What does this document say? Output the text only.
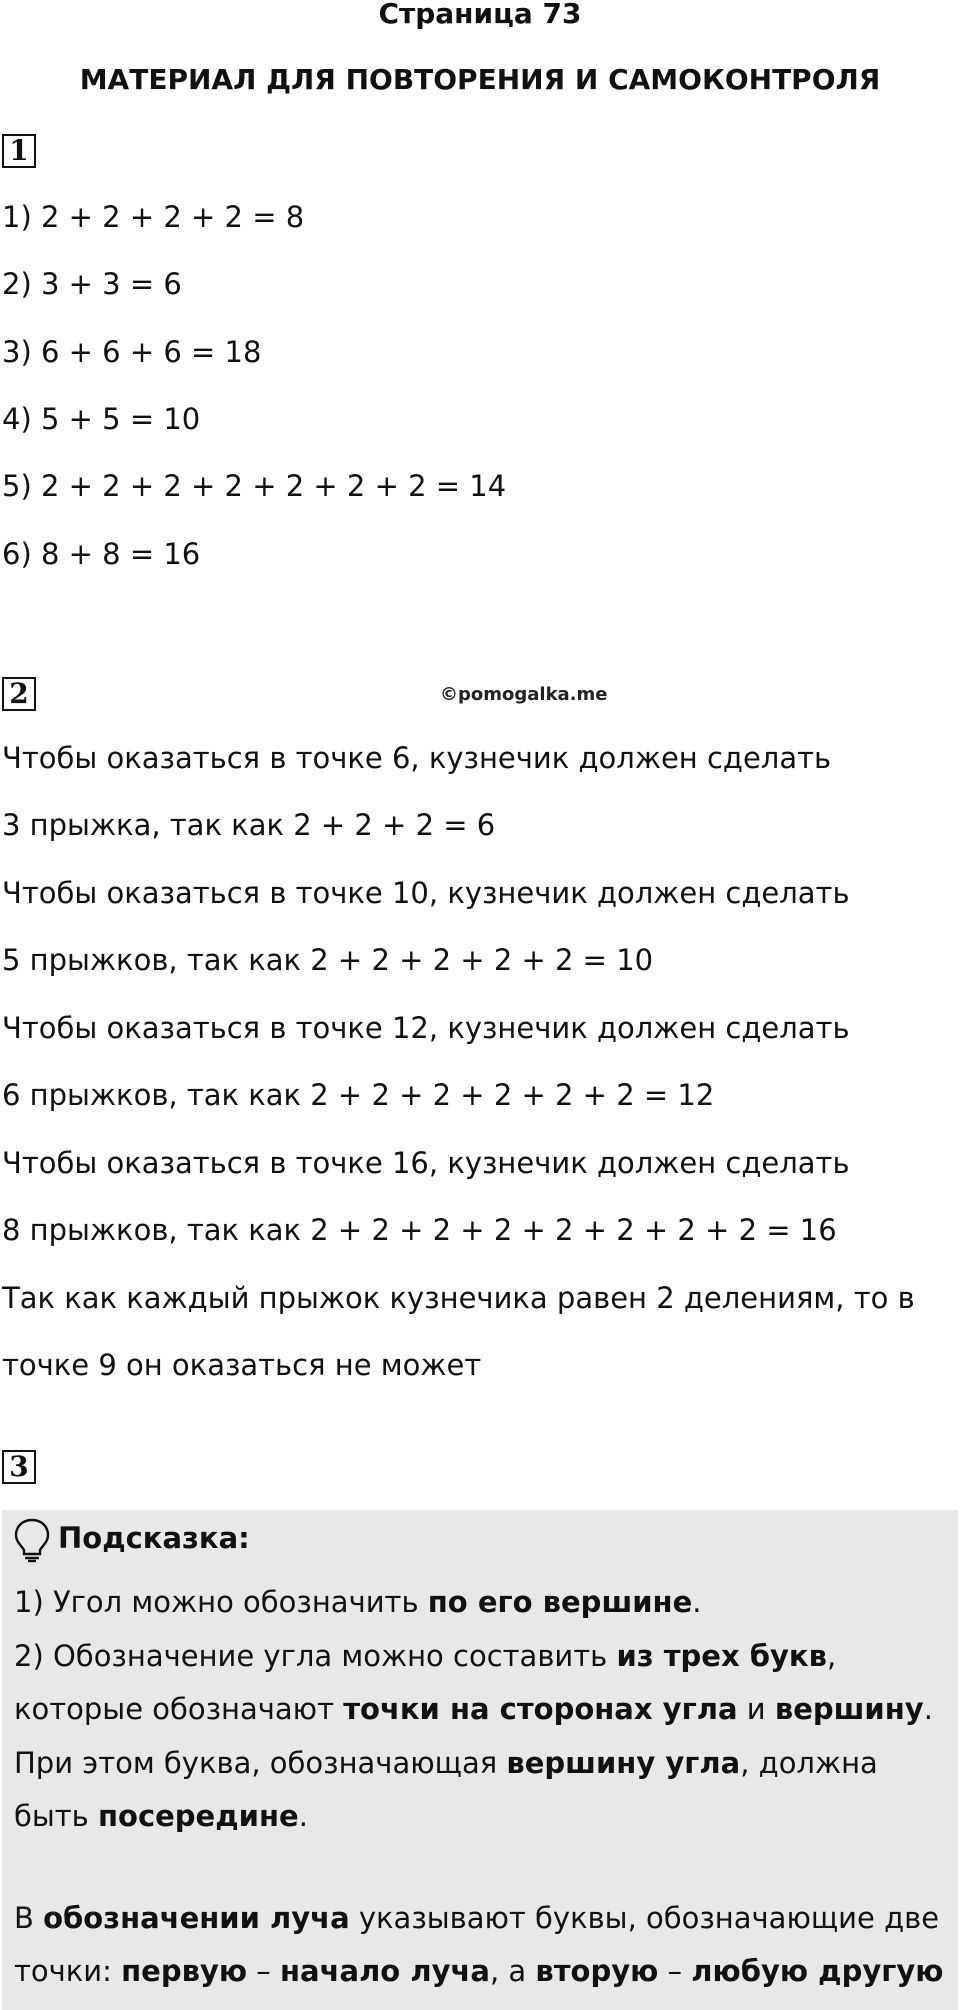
Страница 73
МАТЕРИАЛ ДЛЯ ПОВТОРЕНИЯ И САМОКОНТРОЛЯ
1
1) 2 + 2 + 2 + 2 = 8
2) 3 + 3 = 6
3) 6 + 6 + 6 = 18
4) 5 + 5 = 10
5) 2 + 2 + 2 + 2 + 2 + 2 + 2 = 14
6) 8 + 8 = 16
2	©pomogalka.me
Чтобы оказаться в точке 6, кузнечик должен сделать
3 прыжка, так как 2 + 2 + 2 = 6
Чтобы оказаться в точке 10, кузнечик должен сделать
5 прыжков, так как 2 + 2 + 2 + 2 + 2 = 10
Чтобы оказаться в точке 12, кузнечик должен сделать
6 прыжков, так как 2 + 2 + 2 + 2 + 2 + 2 = 12
Чтобы оказаться в точке 16, кузнечик должен сделать
8 прыжков, так как 2 + 2 + 2 + 2 + 2 + 2 + 2 + 2 = 16
Так как каждый прыжок кузнечика равен 2 делениям, то в
точке 9 он оказаться не может
3
Подсказка:
1) Угол можно обозначить по его вершине.
2) Обозначение угла можно составить из трех букв,
которые обозначают точки на сторонах угла и вершину.
При этом буква, обозначающая вершину угла, должна
быть посередине.
В обозначении луча указывают буквы, обозначающие две
точки: первую – начало луча, а вторую – любую другую
